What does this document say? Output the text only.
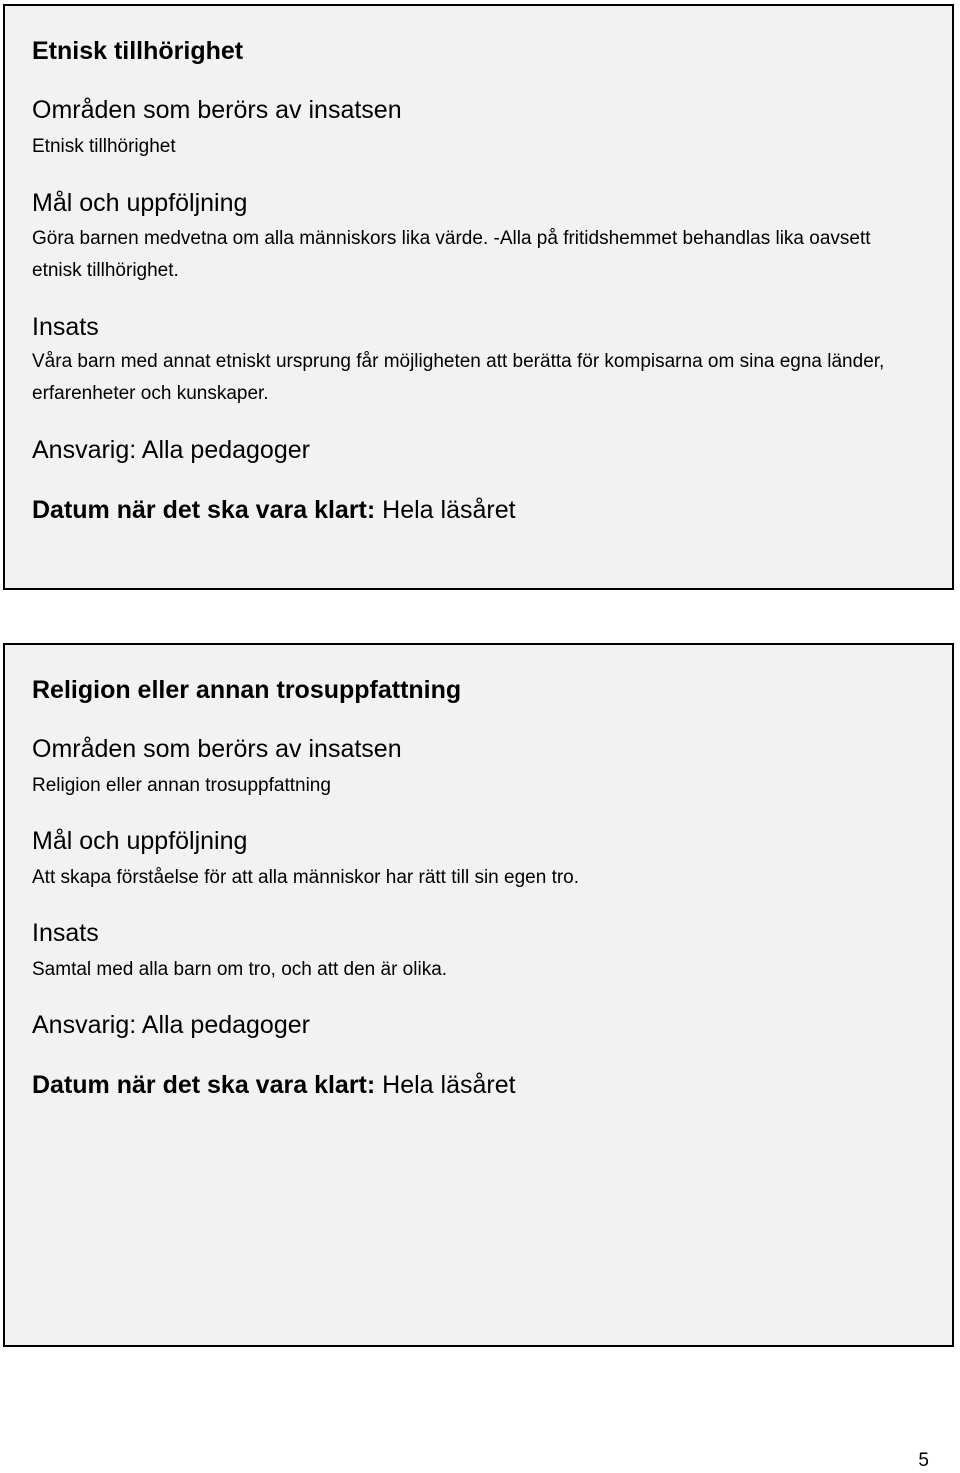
Etnisk tillhörighet
Områden som berörs av insatsen

Etnisk tillhörighet

Mål och uppföljning

Göra barnen medvetna om alla människors lika värde. -Alla på fritidshemmet behandlas lika oavsett etnisk tillhörighet.

Insats

Våra barn med annat etniskt ursprung får möjligheten att berätta för kompisarna om sina egna länder, erfarenheter och kunskaper.

Ansvarig: Alla pedagoger

Datum när det ska vara klart: Hela läsåret

Religion eller annan trosuppfattning
Områden som berörs av insatsen

Religion eller annan trosuppfattning

Mål och uppföljning

Att skapa förståelse för att alla människor har rätt till sin egen tro.

Insats

Samtal med alla barn om tro, och att den är olika.

Ansvarig: Alla pedagoger

Datum när det ska vara klart: Hela läsåret

5
